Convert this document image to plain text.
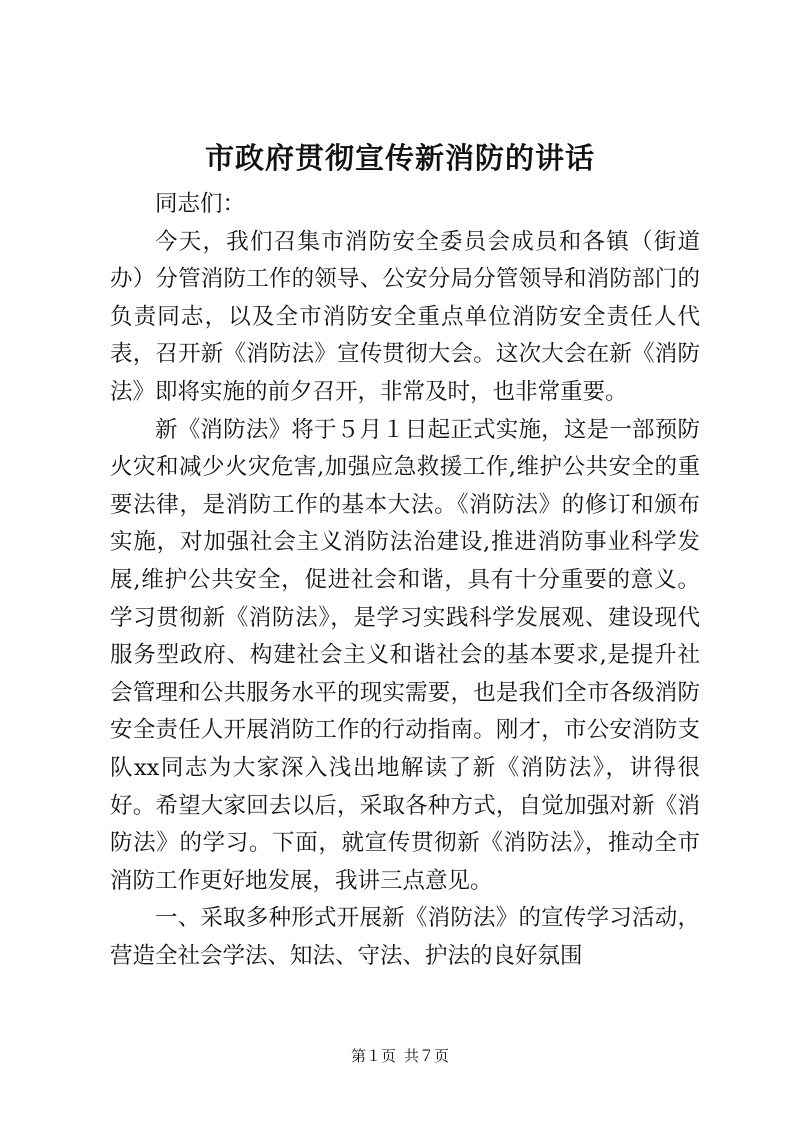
市政府贯彻宣传新消防的讲话

同志们：

今天，我们召集市消防安全委员会成员和各镇（街道办）分管消防工作的领导、公安分局分管领导和消防部门的负责同志，以及全市消防安全重点单位消防安全责任人代表，召开新《消防法》宣传贯彻大会。这次大会在新《消防法》即将实施的前夕召开，非常及时，也非常重要。

新《消防法》将于５月１日起正式实施，这是一部预防火灾和减少火灾危害,加强应急救援工作,维护公共安全的重要法律，是消防工作的基本大法。《消防法》的修订和颁布实施，对加强社会主义消防法治建设,推进消防事业科学发展,维护公共安全，促进社会和谐，具有十分重要的意义。学习贯彻新《消防法》，是学习实践科学发展观、建设现代服务型政府、构建社会主义和谐社会的基本要求,是提升社会管理和公共服务水平的现实需要，也是我们全市各级消防安全责任人开展消防工作的行动指南。刚才，市公安消防支队xx同志为大家深入浅出地解读了新《消防法》，讲得很好。希望大家回去以后，采取各种方式，自觉加强对新《消防法》的学习。下面，就宣传贯彻新《消防法》，推动全市消防工作更好地发展，我讲三点意见。

一、采取多种形式开展新《消防法》的宣传学习活动，营造全社会学法、知法、守法、护法的良好氛围

第１页 共７页
